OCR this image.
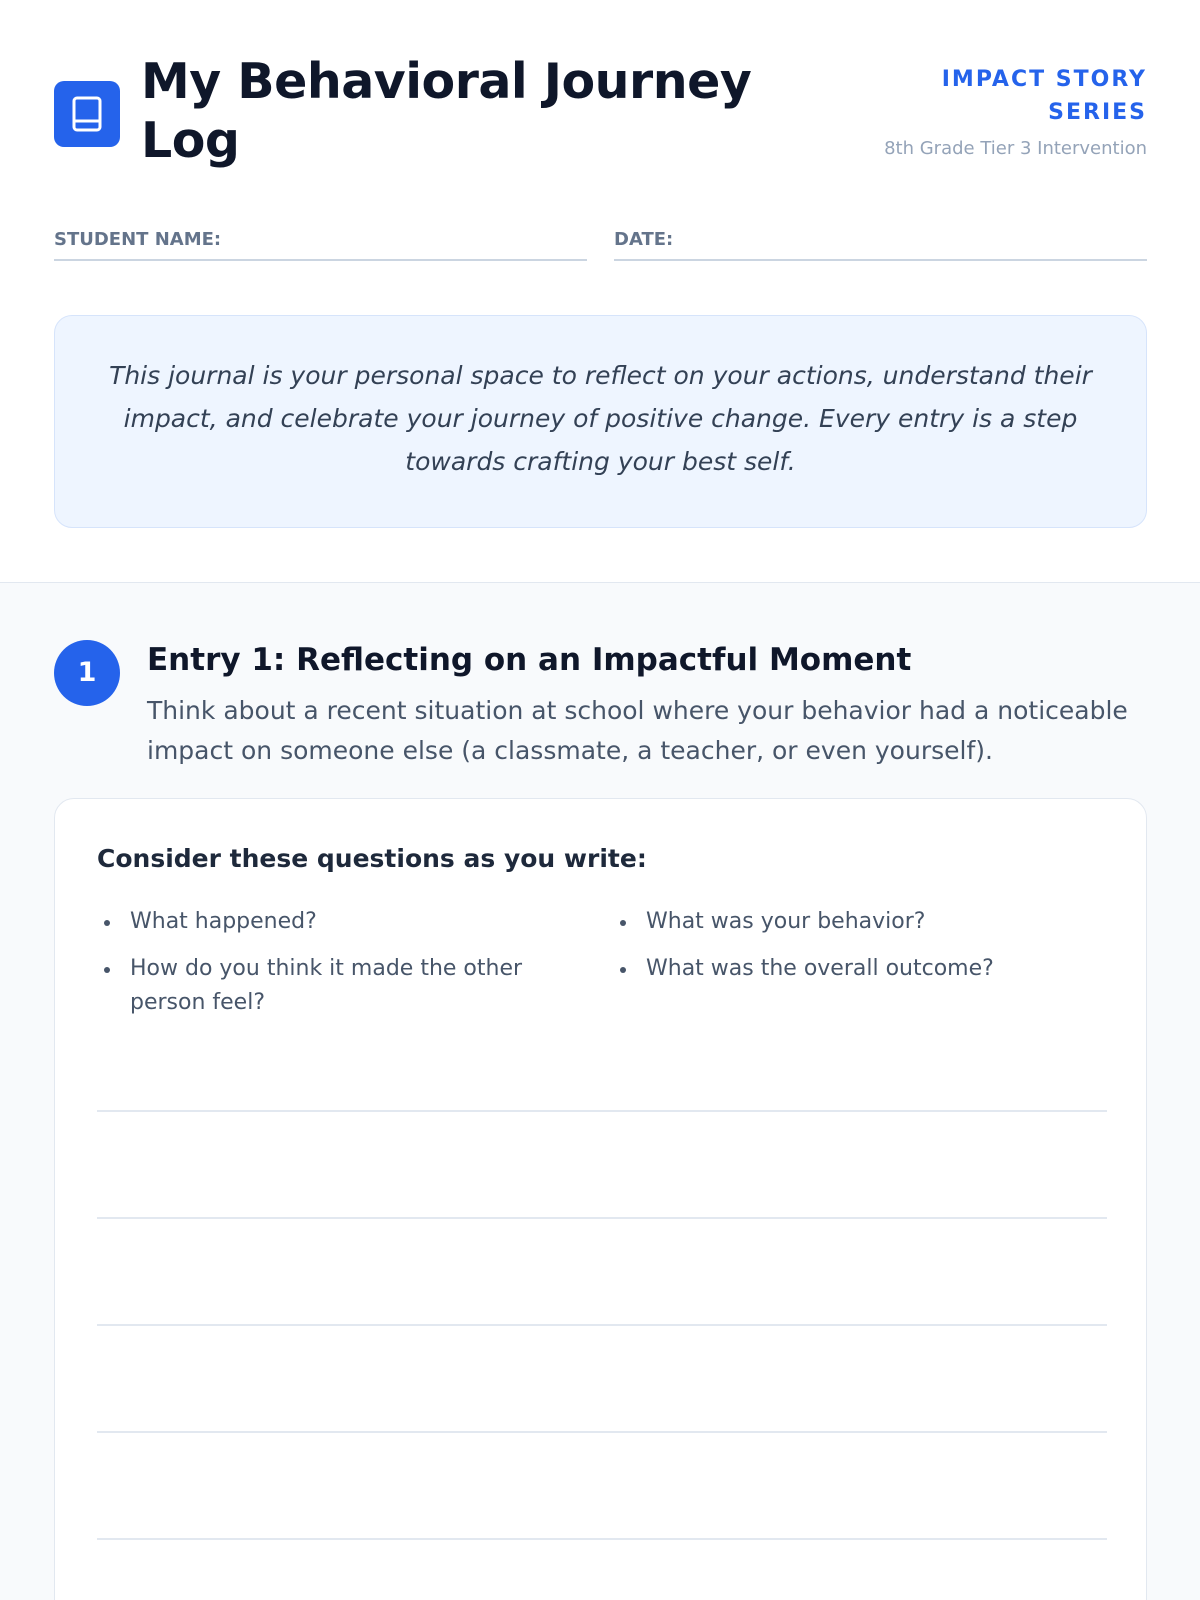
My Behavioral Journey Log
IMPACT STORY SERIES
8th Grade Tier 3 Intervention
STUDENT NAME:	DATE:
This journal is your personal space to reflect on your actions, understand their impact, and celebrate your journey of positive change. Every entry is a step towards crafting your best self.
1	Entry 1: Reflecting on an Impactful Moment

Think about a recent situation at school where your behavior had a noticeable impact on someone else (a classmate, a teacher, or even yourself).

Consider these questions as you write:
What happened?	What was your behavior?
How do you think it made the other person feel?
What was the overall outcome?
